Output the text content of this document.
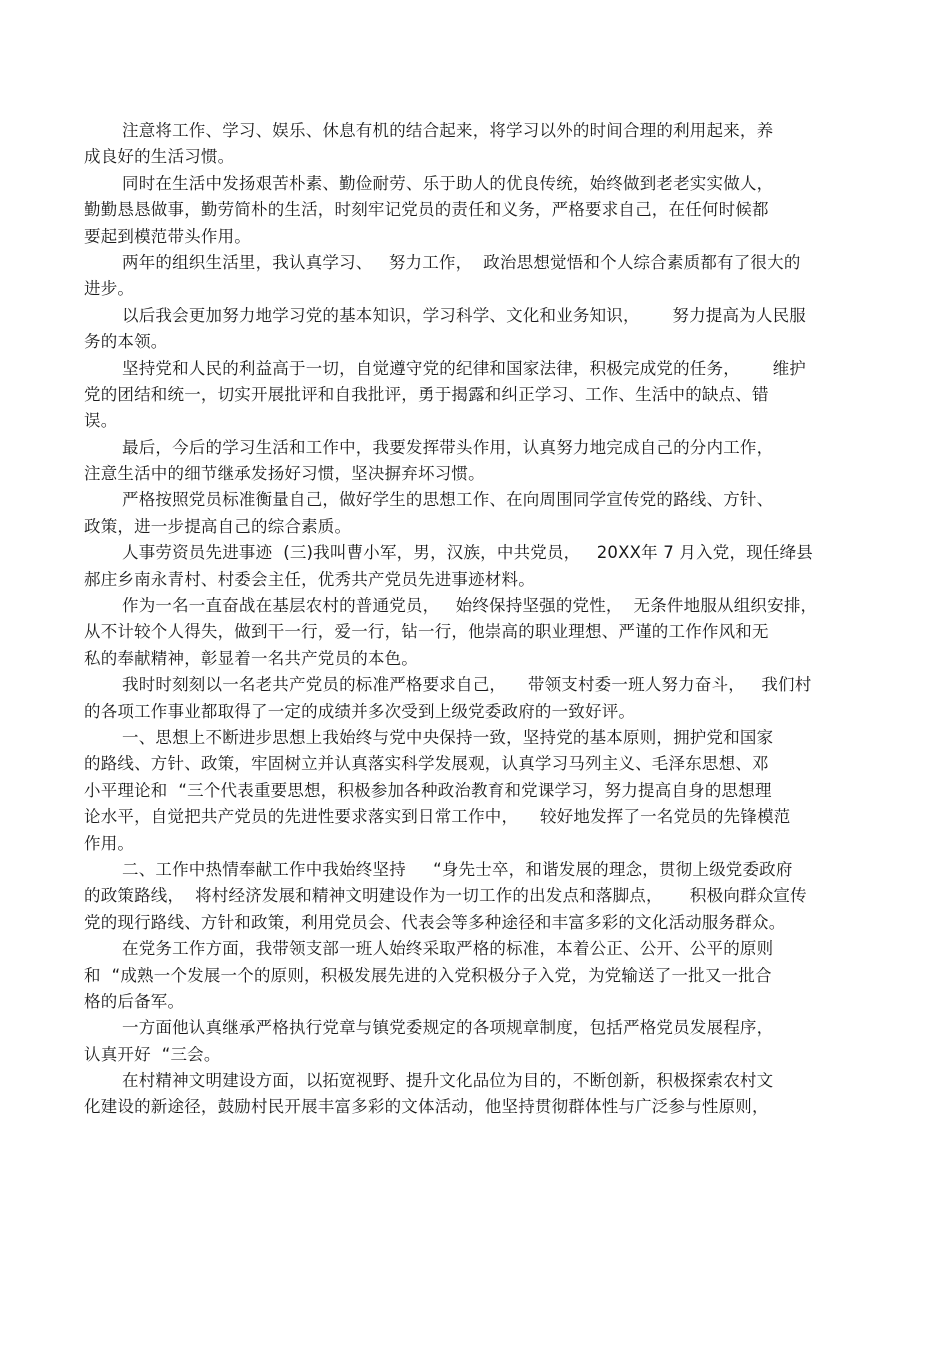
注意将工作、学习、娱乐、休息有机的结合起来，将学习以外的时间合理的利用起来，养
成良好的生活习惯。
同时在生活中发扬艰苦朴素、勤俭耐劳、乐于助人的优良传统，始终做到老老实实做人，
勤勤恳恳做事，勤劳简朴的生活，时刻牢记党员的责任和义务，严格要求自己，在任何时候都
要起到模范带头作用。
两年的组织生活里，我认真学习、   努力工作，  政治思想觉悟和个人综合素质都有了很大的
进步。
以后我会更加努力地学习党的基本知识，学习科学、文化和业务知识，      努力提高为人民服
务的本领。
坚持党和人民的利益高于一切，自觉遵守党的纪律和国家法律，积极完成党的任务，      维护
党的团结和统一，切实开展批评和自我批评，勇于揭露和纠正学习、工作、生活中的缺点、错
误。
最后，今后的学习生活和工作中，我要发挥带头作用，认真努力地完成自己的分内工作，
注意生活中的细节继承发扬好习惯，坚决摒弃坏习惯。
严格按照党员标准衡量自己，做好学生的思想工作、在向周围同学宣传党的路线、方针、
政策，进一步提高自己的综合素质。
人事劳资员先进事迹  (三)我叫曹小军，男，汉族，中共党员，   20XX年 7 月入党，现任绛县
郝庄乡南永青村、村委会主任，优秀共产党员先进事迹材料。
作为一名一直奋战在基层农村的普通党员，   始终保持坚强的党性，  无条件地服从组织安排，
从不计较个人得失，做到干一行，爱一行，钻一行，他崇高的职业理想、严谨的工作作风和无
私的奉献精神，彰显着一名共产党员的本色。
我时时刻刻以一名老共产党员的标准严格要求自己，    带领支村委一班人努力奋斗，   我们村
的各项工作事业都取得了一定的成绩并多次受到上级党委政府的一致好评。
一、思想上不断进步思想上我始终与党中央保持一致，坚持党的基本原则，拥护党和国家
的路线、方针、政策，牢固树立并认真落实科学发展观，认真学习马列主义、毛泽东思想、邓
小平理论和  “三个代表重要思想，积极参加各种政治教育和党课学习，努力提高自身的思想理
论水平，自觉把共产党员的先进性要求落实到日常工作中，    较好地发挥了一名党员的先锋模范
作用。
二、工作中热情奉献工作中我始终坚持     “身先士卒，和谐发展的理念，贯彻上级党委政府
的政策路线，  将村经济发展和精神文明建设作为一切工作的出发点和落脚点，     积极向群众宣传
党的现行路线、方针和政策，利用党员会、代表会等多种途径和丰富多彩的文化活动服务群众。
在党务工作方面，我带领支部一班人始终采取严格的标准，本着公正、公开、公平的原则
和  “成熟一个发展一个的原则，积极发展先进的入党积极分子入党，为党输送了一批又一批合
格的后备军。
一方面他认真继承严格执行党章与镇党委规定的各项规章制度，包括严格党员发展程序，
认真开好  “三会。
在村精神文明建设方面，以拓宽视野、提升文化品位为目的，不断创新，积极探索农村文
化建设的新途径，鼓励村民开展丰富多彩的文体活动，他坚持贯彻群体性与广泛参与性原则，
